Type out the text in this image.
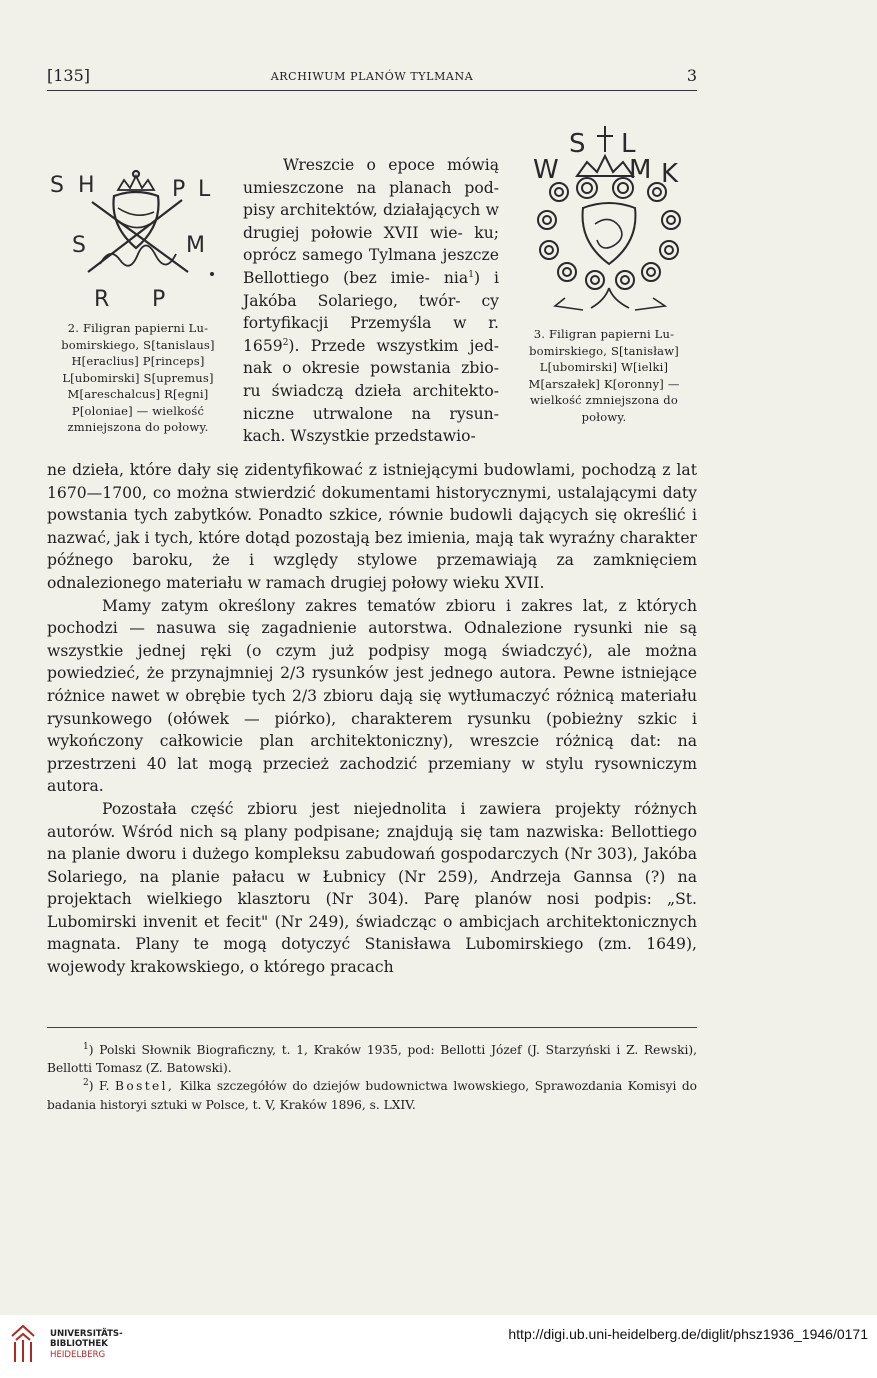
[135]	ARCHIWUM PLANÓW TYLMANA	3
S H	P L
S	M
R P
2. Filigran papierni Lu-
bomirskiego, S[tanislaus]
H[eraclius] P[rinceps]
L[ubomirski] S[upremus]
M[areschalcus] R[egni]
P[oloniae] — wielkość
zmniejszona do połowy.
S L
W	M K
3. Filigran papierni Lu-
bomirskiego, S[tanisław]
L[ubomirski] W[ielki]
M[arszałek] K[oronny] —
wielkość zmniejszona do
połowy.

Wreszcie o epoce mówią umieszczone na planach pod- pisy architektów, działających w drugiej połowie XVII wie- ku; oprócz samego Tylmana jeszcze Bellottiego (bez imie- nia$^1$) i Jakóba Solariego, twór- cy fortyfikacji Przemyśla w r. 1659$^2$). Przede wszystkim jed- nak o okresie powstania zbio- ru świadczą dzieła architekto- niczne utrwalone na rysun- kach. Wszystkie przedstawio-

ne dzieła, które dały się zidentyfikować z istniejącymi budowlami, pochodzą z lat 1670—1700, co można stwierdzić dokumentami historycznymi, ustalającymi daty powstania tych zabytków. Ponadto szkice, równie budowli dających się określić i nazwać, jak i tych, które dotąd pozostają bez imienia, mają tak wyraźny charakter późnego baroku, że i względy stylowe przemawiają za zamknięciem odnalezionego materiału w ramach drugiej połowy wieku XVII.

Mamy zatym określony zakres tematów zbioru i zakres lat, z których pochodzi — nasuwa się zagadnienie autorstwa. Odnalezione rysunki nie są wszystkie jednej ręki (o czym już podpisy mogą świadczyć), ale można powiedzieć, że przynajmniej 2/3 rysunków jest jednego autora. Pewne istniejące różnice nawet w obrębie tych 2/3 zbioru dają się wytłumaczyć różnicą materiału rysunkowego (ołówek — piórko), charakterem rysunku (pobieżny szkic i wykończony całkowicie plan architektoniczny), wreszcie różnicą dat: na przestrzeni 40 lat mogą przecież zachodzić przemiany w stylu rysowniczym autora.

Pozostała część zbioru jest niejednolita i zawiera projekty różnych autorów. Wśród nich są plany podpisane; znajdują się tam nazwiska: Bellottiego na planie dworu i dużego kompleksu zabudowań gospodarczych (Nr 303), Jakóba Solariego, na planie pałacu w Łubnicy (Nr 259), Andrzeja Gannsa (?) na projektach wielkiego klasztoru (Nr 304). Parę planów nosi podpis: „St. Lubomirski invenit et fecit" (Nr 249), świadcząc o ambicjach architektonicznych magnata. Plany te mogą dotyczyć Stanisława Lubomirskiego (zm. 1649), wojewody krakowskiego, o którego pracach

$^1$) Polski Słownik Biograficzny, t. 1, Kraków 1935, pod: Bellotti Józef (J. Starzyński i Z. Rewski), Bellotti Tomasz (Z. Batowski).

$^2$) F. Bostel, Kilka szczegółów do dziejów budownictwa lwowskiego, Sprawozdania Komisyi do badania historyi sztuki w Polsce, t. V, Kraków 1896, s. LXIV.

UNIVERSITÄTS-
BIBLIOTHEK
HEIDELBERG
http://digi.ub.uni-heidelberg.de/diglit/phsz1936_1946/0171
